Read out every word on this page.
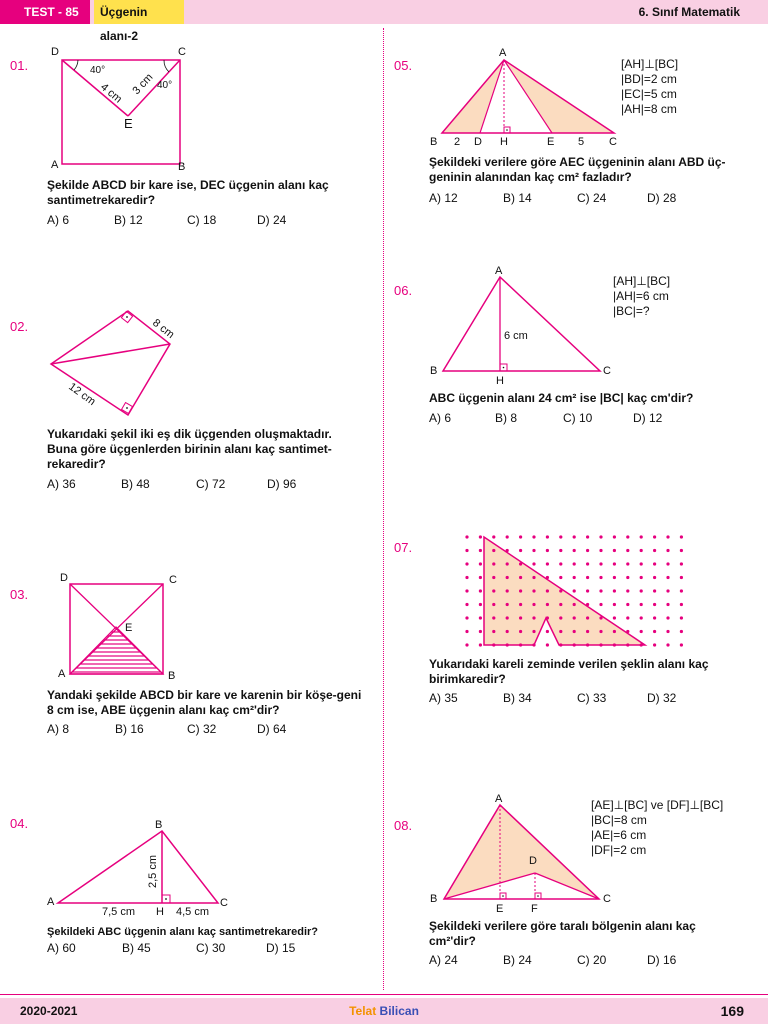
TEST - 85	Üçgenin alanı-2
6. Sınıf Matematik
01.
D	C
A	B
E
40°
40°
4 cm 3 cm
Şekilde ABCD bir kare ise, DEC üçgenin alanı kaç santimetrekaredir?
A) 6	B) 12	C) 18	D) 24
02.	8 cm
12 cm
Yukarıdaki şekil iki eş dik üçgenden oluşmaktadır. Buna göre üçgenlerden birinin alanı kaç santimet-rekaredir?
A) 36	B) 48	C) 72	D) 96
03.
D	C
A	B
E
Yandaki şekilde ABCD bir kare ve karenin bir köşe-geni 8 cm ise, ABE üçgenin alanı kaç cm²'dir?
A) 8	B) 16	C) 32	D) 64
04.
A
B
C
H
2,5 cm
7,5 cm	4,5 cm
Şekildeki ABC üçgenin alanı kaç santimetrekaredir?
A) 60	B) 45	C) 30	D) 15
05.
A
B 2 D H	E 5 C
[AH]⊥[BC]
|BD|=2 cm
|EC|=5 cm
|AH|=8 cm
Şekildeki verilere göre AEC üçgeninin alanı ABD üç-geninin alanından kaç cm² fazladır?
A) 12	B) 14	C) 24	D) 28
06.
A
B	C
H
6 cm
[AH]⊥[BC]
|AH|=6 cm
|BC|=?
ABC üçgenin alanı 24 cm² ise |BC| kaç cm'dir?
A) 6	B) 8	C) 10	D) 12
07.
Yukarıdaki kareli zeminde verilen şeklin alanı kaç birimkaredir?
A) 35	B) 34	C) 33	D) 32
08.
A
B	C
D
E	F
[AE]⊥[BC] ve [DF]⊥[BC]
|BC|=8 cm
|AE|=6 cm
|DF|=2 cm
Şekildeki verilere göre taralı bölgenin alanı kaç cm²'dir?
A) 24	B) 24	C) 20	D) 16
2020-2021	Telat Bilican	169
